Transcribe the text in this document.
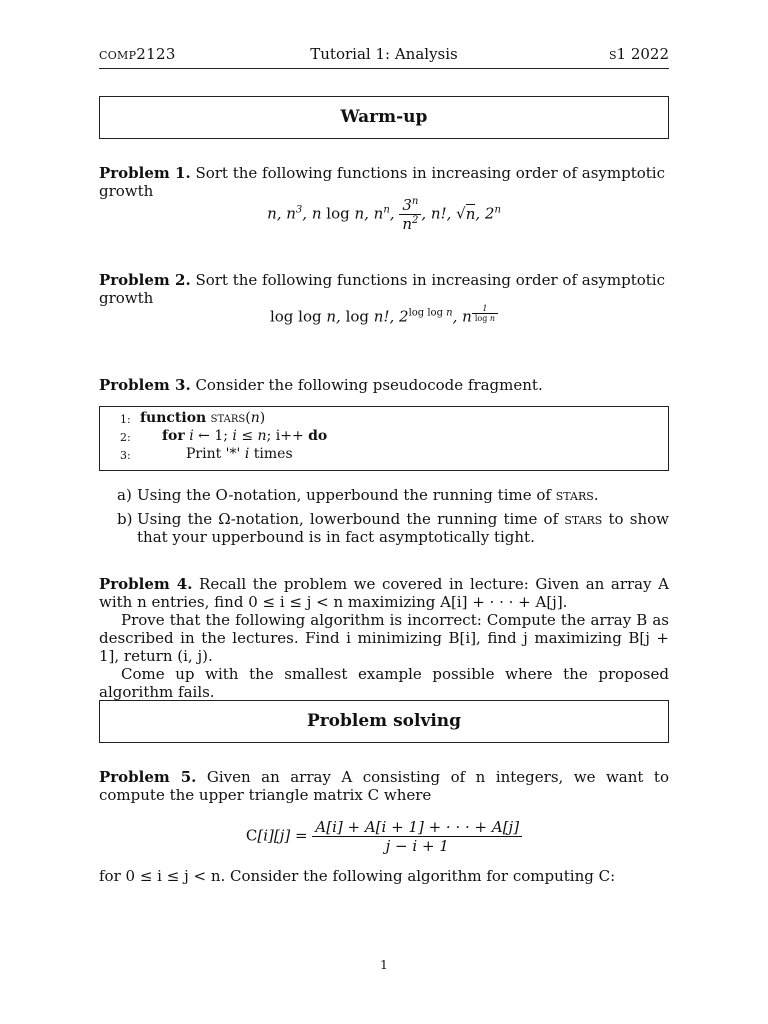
comp2123	Tutorial 1: Analysis	s1 2022
Warm-up
Problem 1. Sort the following functions in increasing order of asymptotic growth
n, $n^3$, n log n, $n^n$, $\frac{3^n}{n^2}$ , n!, √n, 2$^n$
Problem 2. Sort the following functions in increasing order of asymptotic growth
log log n, log n!, $2^{log log n}$, n $^{\frac{1}{\text{log n}}}$
Problem 3. Consider the following pseudocode fragment.
1: function stars(n)
2: for i ← 1; i ≤ n; i++ do
3:	Print '*' i times
a) Using the O-notation, upperbound the running time of stars.
b) Using the Ω-notation, lowerbound the running time of stars to show that your upperbound is in fact asymptotically tight.
Problem 4. Recall the problem we covered in lecture: Given an array A with n entries, find 0 ≤ i ≤ j < n maximizing A[i] + · · · + A[j].
Prove that the following algorithm is incorrect: Compute the array B as described in the lectures. Find i minimizing B[i], find j maximizing B[j + 1], return (i, j).
Come up with the smallest example possible where the proposed algorithm fails.
Problem solving
Problem 5. Given an array A consisting of n integers, we want to compute the upper triangle matrix C where
$C[i][j] = \frac{A[i] + A[i + 1] + \cdot \cdot \cdot + A[j]}{j - i + 1}$
for 0 ≤ i ≤ j < n. Consider the following algorithm for computing C:
1
